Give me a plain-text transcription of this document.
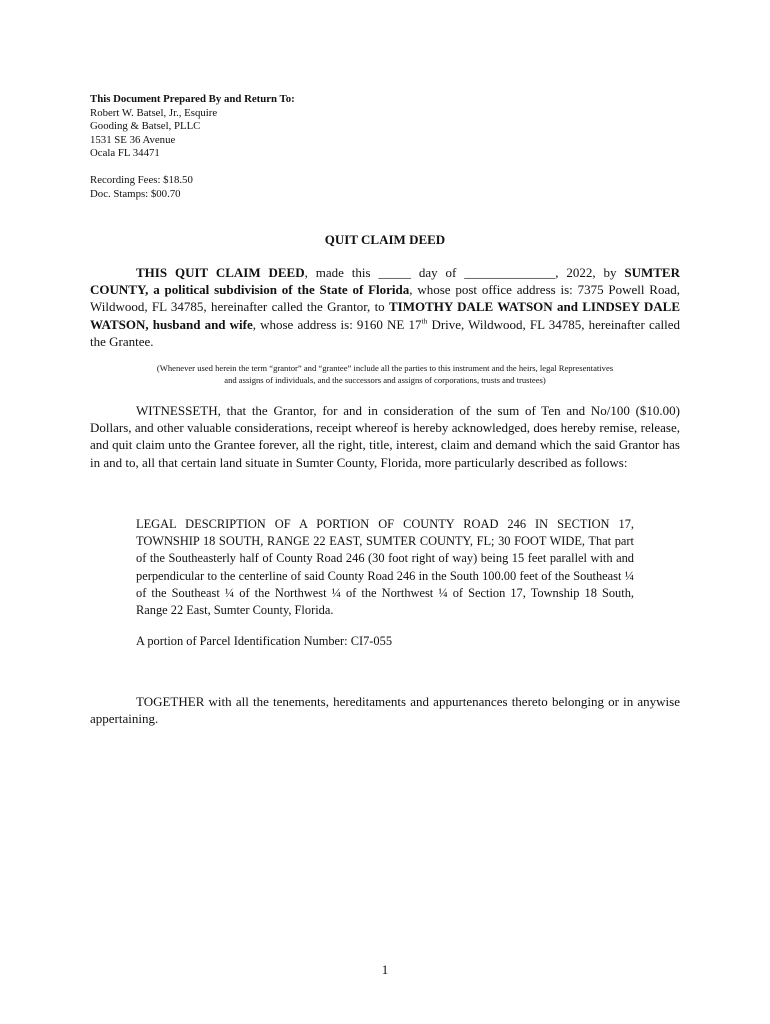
This Document Prepared By and Return To:
Robert W. Batsel, Jr., Esquire
Gooding & Batsel, PLLC
1531 SE 36 Avenue
Ocala FL 34471
Recording Fees: $18.50
Doc. Stamps: $00.70
QUIT CLAIM DEED
THIS QUIT CLAIM DEED, made this _____ day of ______________, 2022, by SUMTER COUNTY, a political subdivision of the State of Florida, whose post office address is: 7375 Powell Road, Wildwood, FL 34785, hereinafter called the Grantor, to TIMOTHY DALE WATSON and LINDSEY DALE WATSON, husband and wife, whose address is: 9160 NE 17th Drive, Wildwood, FL 34785, hereinafter called the Grantee.
(Whenever used herein the term “grantor” and “grantee” include all the parties to this instrument and the heirs, legal Representatives and assigns of individuals, and the successors and assigns of corporations, trusts and trustees)
WITNESSETH, that the Grantor, for and in consideration of the sum of Ten and No/100 ($10.00) Dollars, and other valuable considerations, receipt whereof is hereby acknowledged, does hereby remise, release, and quit claim unto the Grantee forever, all the right, title, interest, claim and demand which the said Grantor has in and to, all that certain land situate in Sumter County, Florida, more particularly described as follows:
LEGAL DESCRIPTION OF A PORTION OF COUNTY ROAD 246 IN SECTION 17, TOWNSHIP 18 SOUTH, RANGE 22 EAST, SUMTER COUNTY, FL; 30 FOOT WIDE, That part of the Southeasterly half of County Road 246 (30 foot right of way) being 15 feet parallel with and perpendicular to the centerline of said County Road 246 in the South 100.00 feet of the Southeast ¼ of the Southeast ¼ of the Northwest ¼ of the Northwest ¼ of Section 17, Township 18 South, Range 22 East, Sumter County, Florida.
A portion of Parcel Identification Number: CI7-055
TOGETHER with all the tenements, hereditaments and appurtenances thereto belonging or in anywise appertaining.
1
